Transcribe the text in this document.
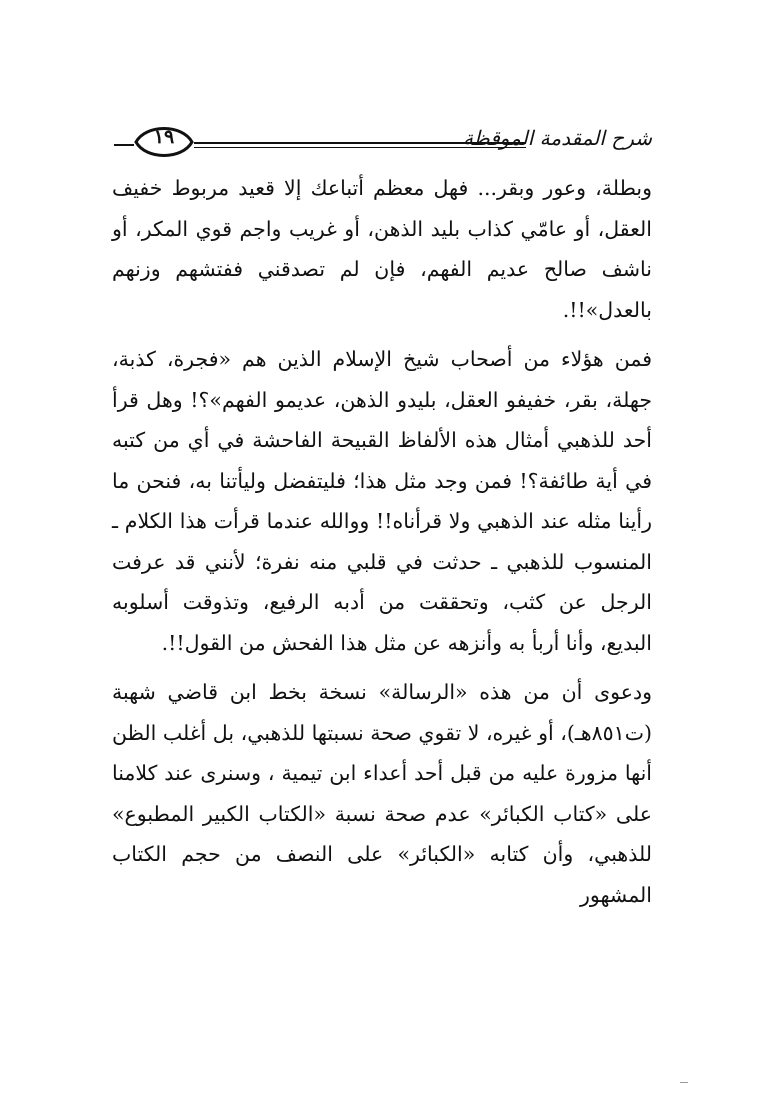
١٩	شرح المقدمة الموقظة

وبطلة، وعور وبقر... فهل معظم أتباعك إلا قعيد مربوط خفيف العقل، أو عامّي كذاب بليد الذهن، أو غريب واجم قوي المكر، أو ناشف صالح عديم الفهم، فإن لم تصدقني ففتشهم وزنهم بالعدل»!!.

فمن هؤلاء من أصحاب شيخ الإسلام الذين هم «فجرة، كذبة، جهلة، بقر، خفيفو العقل، بليدو الذهن، عديمو الفهم»؟! وهل قرأ أحد للذهبي أمثال هذه الألفاظ القبيحة الفاحشة في أي من كتبه في أية طائفة؟! فمن وجد مثل هذا؛ فليتفضل وليأتنا به، فنحن ما رأينا مثله عند الذهبي ولا قرأناه!! ووالله عندما قرأت هذا الكلام ـ المنسوب للذهبي ـ حدثت في قلبي منه نفرة؛ لأنني قد عرفت الرجل عن كثب، وتحققت من أدبه الرفيع، وتذوقت أسلوبه البديع، وأنا أربأ به وأنزهه عن مثل هذا الفحش من القول!!.

ودعوى أن من هذه «الرسالة» نسخة بخط ابن قاضي شهبة (ت٨٥١هـ)، أو غيره، لا تقوي صحة نسبتها للذهبي، بل أغلب الظن أنها مزورة عليه من قبل أحد أعداء ابن تيمية ، وسنرى عند كلامنا على «كتاب الكبائر» عدم صحة نسبة «الكتاب الكبير المطبوع» للذهبي، وأن كتابه «الكبائر» على النصف من حجم الكتاب المشهور
